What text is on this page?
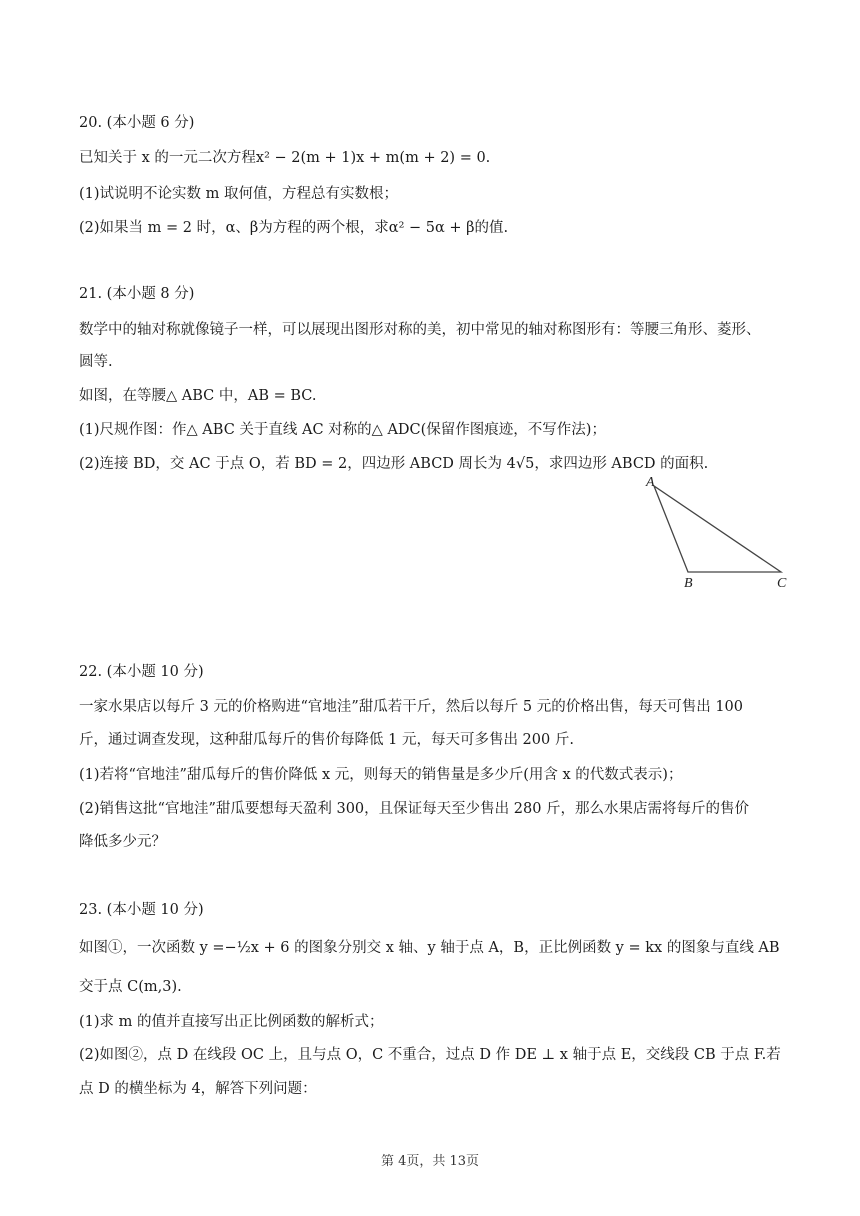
20. (本小题 6 分)
已知关于 x 的一元二次方程x² − 2(m + 1)x + m(m + 2) = 0.
(1)试说明不论实数 m 取何值，方程总有实数根；
(2)如果当 m = 2 时，α、β为方程的两个根，求α² − 5α + β的值.
21. (本小题 8 分)
数学中的轴对称就像镜子一样，可以展现出图形对称的美，初中常见的轴对称图形有：等腰三角形、菱形、
圆等.
如图，在等腰△ ABC 中，AB = BC.
(1)尺规作图：作△ ABC 关于直线 AC 对称的△ ADC(保留作图痕迹，不写作法)；
(2)连接 BD，交 AC 于点 O，若 BD = 2，四边形 ABCD 周长为 4√5，求四边形 ABCD 的面积.
A
B	C
22. (本小题 10 分)
一家水果店以每斤 3 元的价格购进“官地洼”甜瓜若干斤，然后以每斤 5 元的价格出售，每天可售出 100
斤，通过调查发现，这种甜瓜每斤的售价每降低 1 元，每天可多售出 200 斤.
(1)若将“官地洼”甜瓜每斤的售价降低 x 元，则每天的销售量是多少斤(用含 x 的代数式表示)；
(2)销售这批“官地洼”甜瓜要想每天盈利 300，且保证每天至少售出 280 斤，那么水果店需将每斤的售价
降低多少元？
23. (本小题 10 分)
如图①，一次函数 y =−½x + 6 的图象分别交 x 轴、y 轴于点 A，B，正比例函数 y = kx 的图象与直线 AB
交于点 C(m,3).
(1)求 m 的值并直接写出正比例函数的解析式；
(2)如图②，点 D 在线段 OC 上，且与点 O，C 不重合，过点 D 作 DE ⊥ x 轴于点 E，交线段 CB 于点 F.若
点 D 的横坐标为 4，解答下列问题：
第 4页，共 13页
